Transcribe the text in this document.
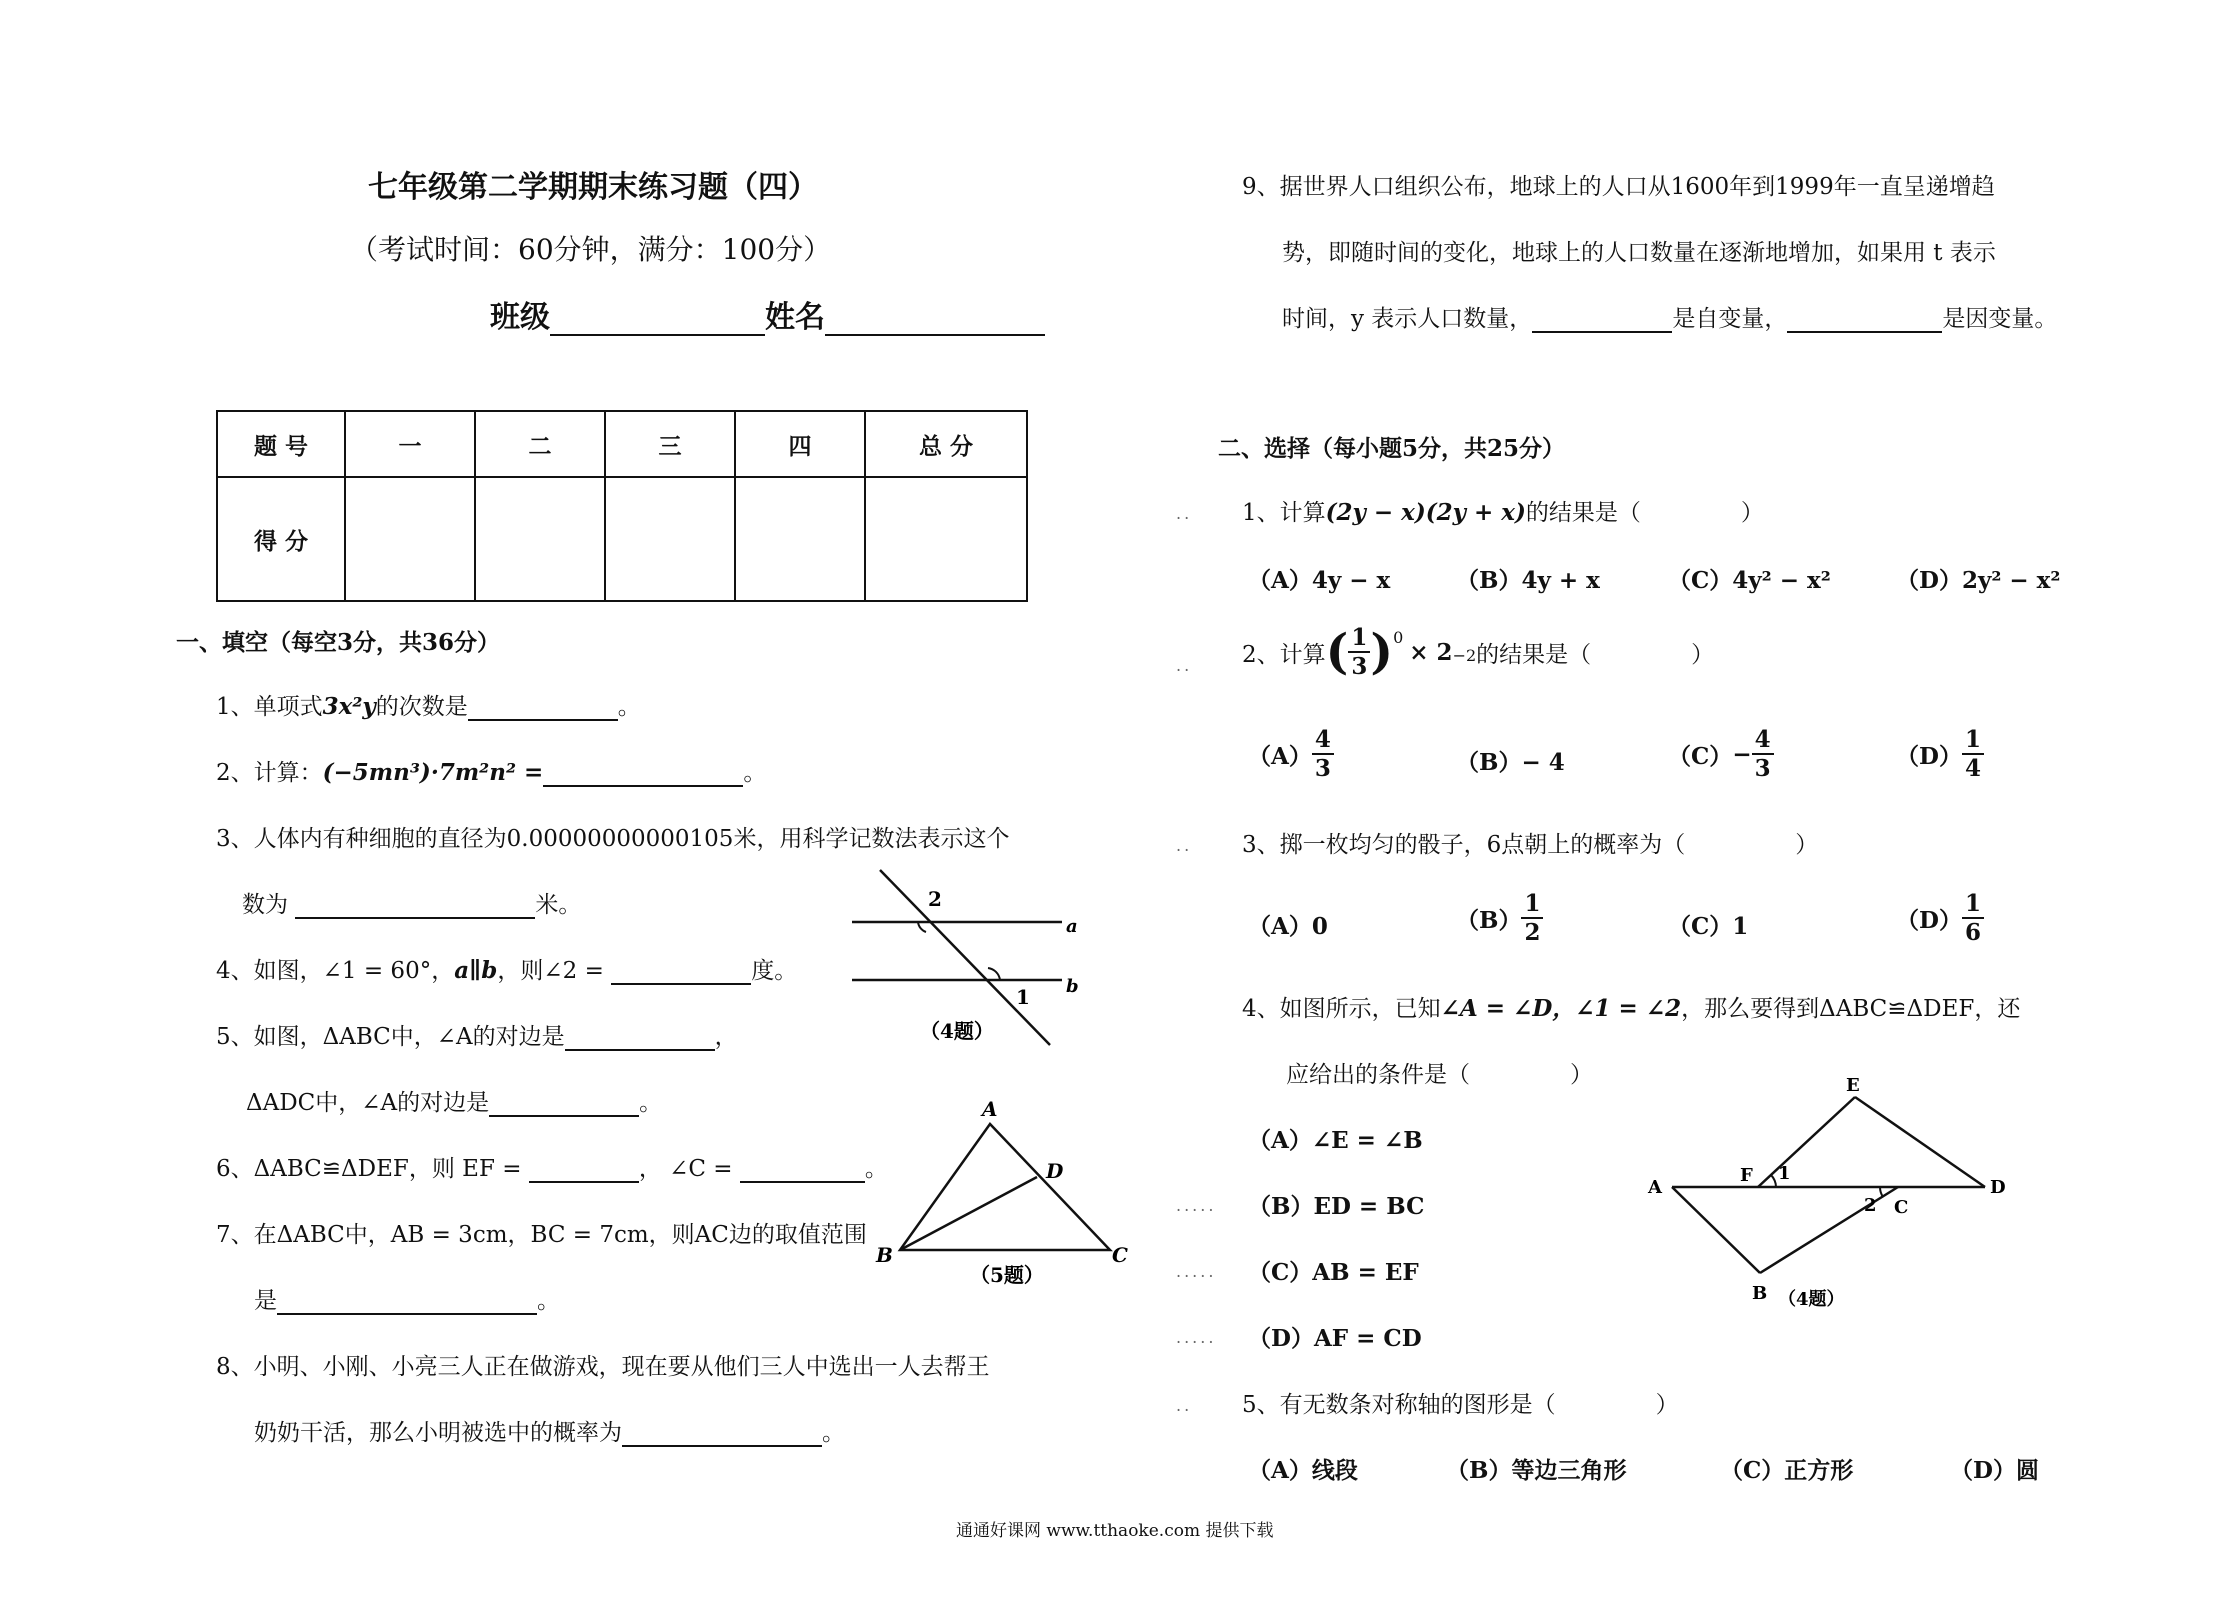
七年级第二学期期末练习题（四）
（考试时间：60分钟，满分：100分）
班级	姓名
题 号	一	二	三	四	总 分
得 分					
一、填空（每空3分，共36分）
1、单项式3x²y的次数是	。
2、计算：(−5mn³)·7m²n² =	。
3、人体内有种细胞的直径为0.00000000000105米，用科学记数法表示这个
数为	米。
4、如图，∠1 = 60°，a∥b，则∠2 =	度。
5、如图，ΔABC中，∠A的对边是	，
ΔADC中，∠A的对边是	。
6、ΔABC≌ΔDEF，则 EF =	， ∠C =	。
7、在ΔABC中，AB = 3cm，BC = 7cm，则AC边的取值范围
是	。
8、小明、小刚、小亮三人正在做游戏，现在要从他们三人中选出一人去帮王
奶奶干活，那么小明被选中的概率为	。
9、据世界人口组织公布，地球上的人口从1600年到1999年一直呈递增趋
势，即随时间的变化，地球上的人口数量在逐渐地增加，如果用 t 表示
时间，y 表示人口数量，	是自变量，	是因变量。
2
1
a
b
（4题）
A
B	C
D
（5题）
二、选择（每小题5分，共25分）
.. 1、计算(2y − x)(2y + x)的结果是（	）
（A）4y − x	（B）4y + x	（C）4y² − x²	（D）2y² − x²
.. 2、计算 ( $\frac{1}{3} )^0$
× 2 −2 的结果是（	）
$(A) \frac{4}{3}$	（B）− 4	$(C) - \frac{4}{3}$	$(D) \frac{1}{4}$
.. 3、掷一枚均匀的骰子，6点朝上的概率为（	）
（A）0	$(B) \frac{1}{2}$	（C）1	$(D) \frac{1}{6}$
4、如图所示，已知∠A = ∠D，∠1 = ∠2，那么要得到ΔABC≌ΔDEF，还
应给出的条件是（	）
（A）∠E = ∠B
..... （B）ED = BC
..... （C）AB = EF
..... （D）AF = CD
A
B
C
D
E
F 1
2
（4题）
.. 5、有无数条对称轴的图形是（	）
（A）线段	（B）等边三角形	（C）正方形	（D）圆
通通好课网 www.tthaoke.com 提供下载
